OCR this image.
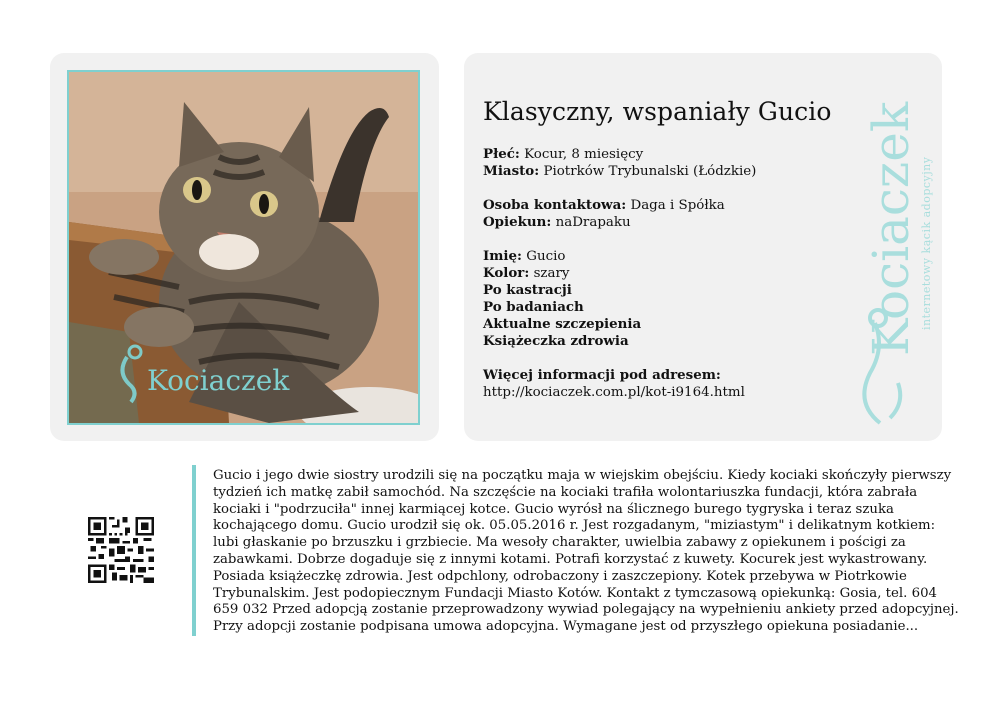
Kociaczek
Klasyczny, wspaniały Gucio
Płeć: Kocur, 8 miesięcy
Miasto: Piotrków Trybunalski (Łódzkie)
Osoba kontaktowa: Daga i Spółka
Opiekun: naDrapaku
Imię: Gucio
Kolor: szary
Po kastracji
Po badaniach
Aktualne szczepienia
Książeczka zdrowia
Więcej informacji pod adresem:
http://kociaczek.com.pl/kot-i9164.html
Kociaczek internetowy kącik adopcyjny
Gucio i jego dwie siostry urodzili się na początku maja w wiejskim obejściu. Kiedy kociaki skończyły pierwszy
tydzień ich matkę zabił samochód. Na szczęście na kociaki trafiła wolontariuszka fundacji, która zabrała
kociaki i "podrzuciła" innej karmiącej kotce. Gucio wyrósł na ślicznego burego tygryska i teraz szuka
kochającego domu. Gucio urodził się ok. 05.05.2016 r. Jest rozgadanym, "miziastym" i delikatnym kotkiem:
lubi głaskanie po brzuszku i grzbiecie. Ma wesoły charakter, uwielbia zabawy z opiekunem i pościgi za
zabawkami. Dobrze dogaduje się z innymi kotami. Potrafi korzystać z kuwety. Kocurek jest wykastrowany.
Posiada książeczkę zdrowia. Jest odpchlony, odrobaczony i zaszczepiony. Kotek przebywa w Piotrkowie
Trybunalskim. Jest podopiecznym Fundacji Miasto Kotów. Kontakt z tymczasową opiekunką: Gosia, tel. 604
659 032 Przed adopcją zostanie przeprowadzony wywiad polegający na wypełnieniu ankiety przed adopcyjnej.
Przy adopcji zostanie podpisana umowa adopcyjna. Wymagane jest od przyszłego opiekuna posiadanie...
